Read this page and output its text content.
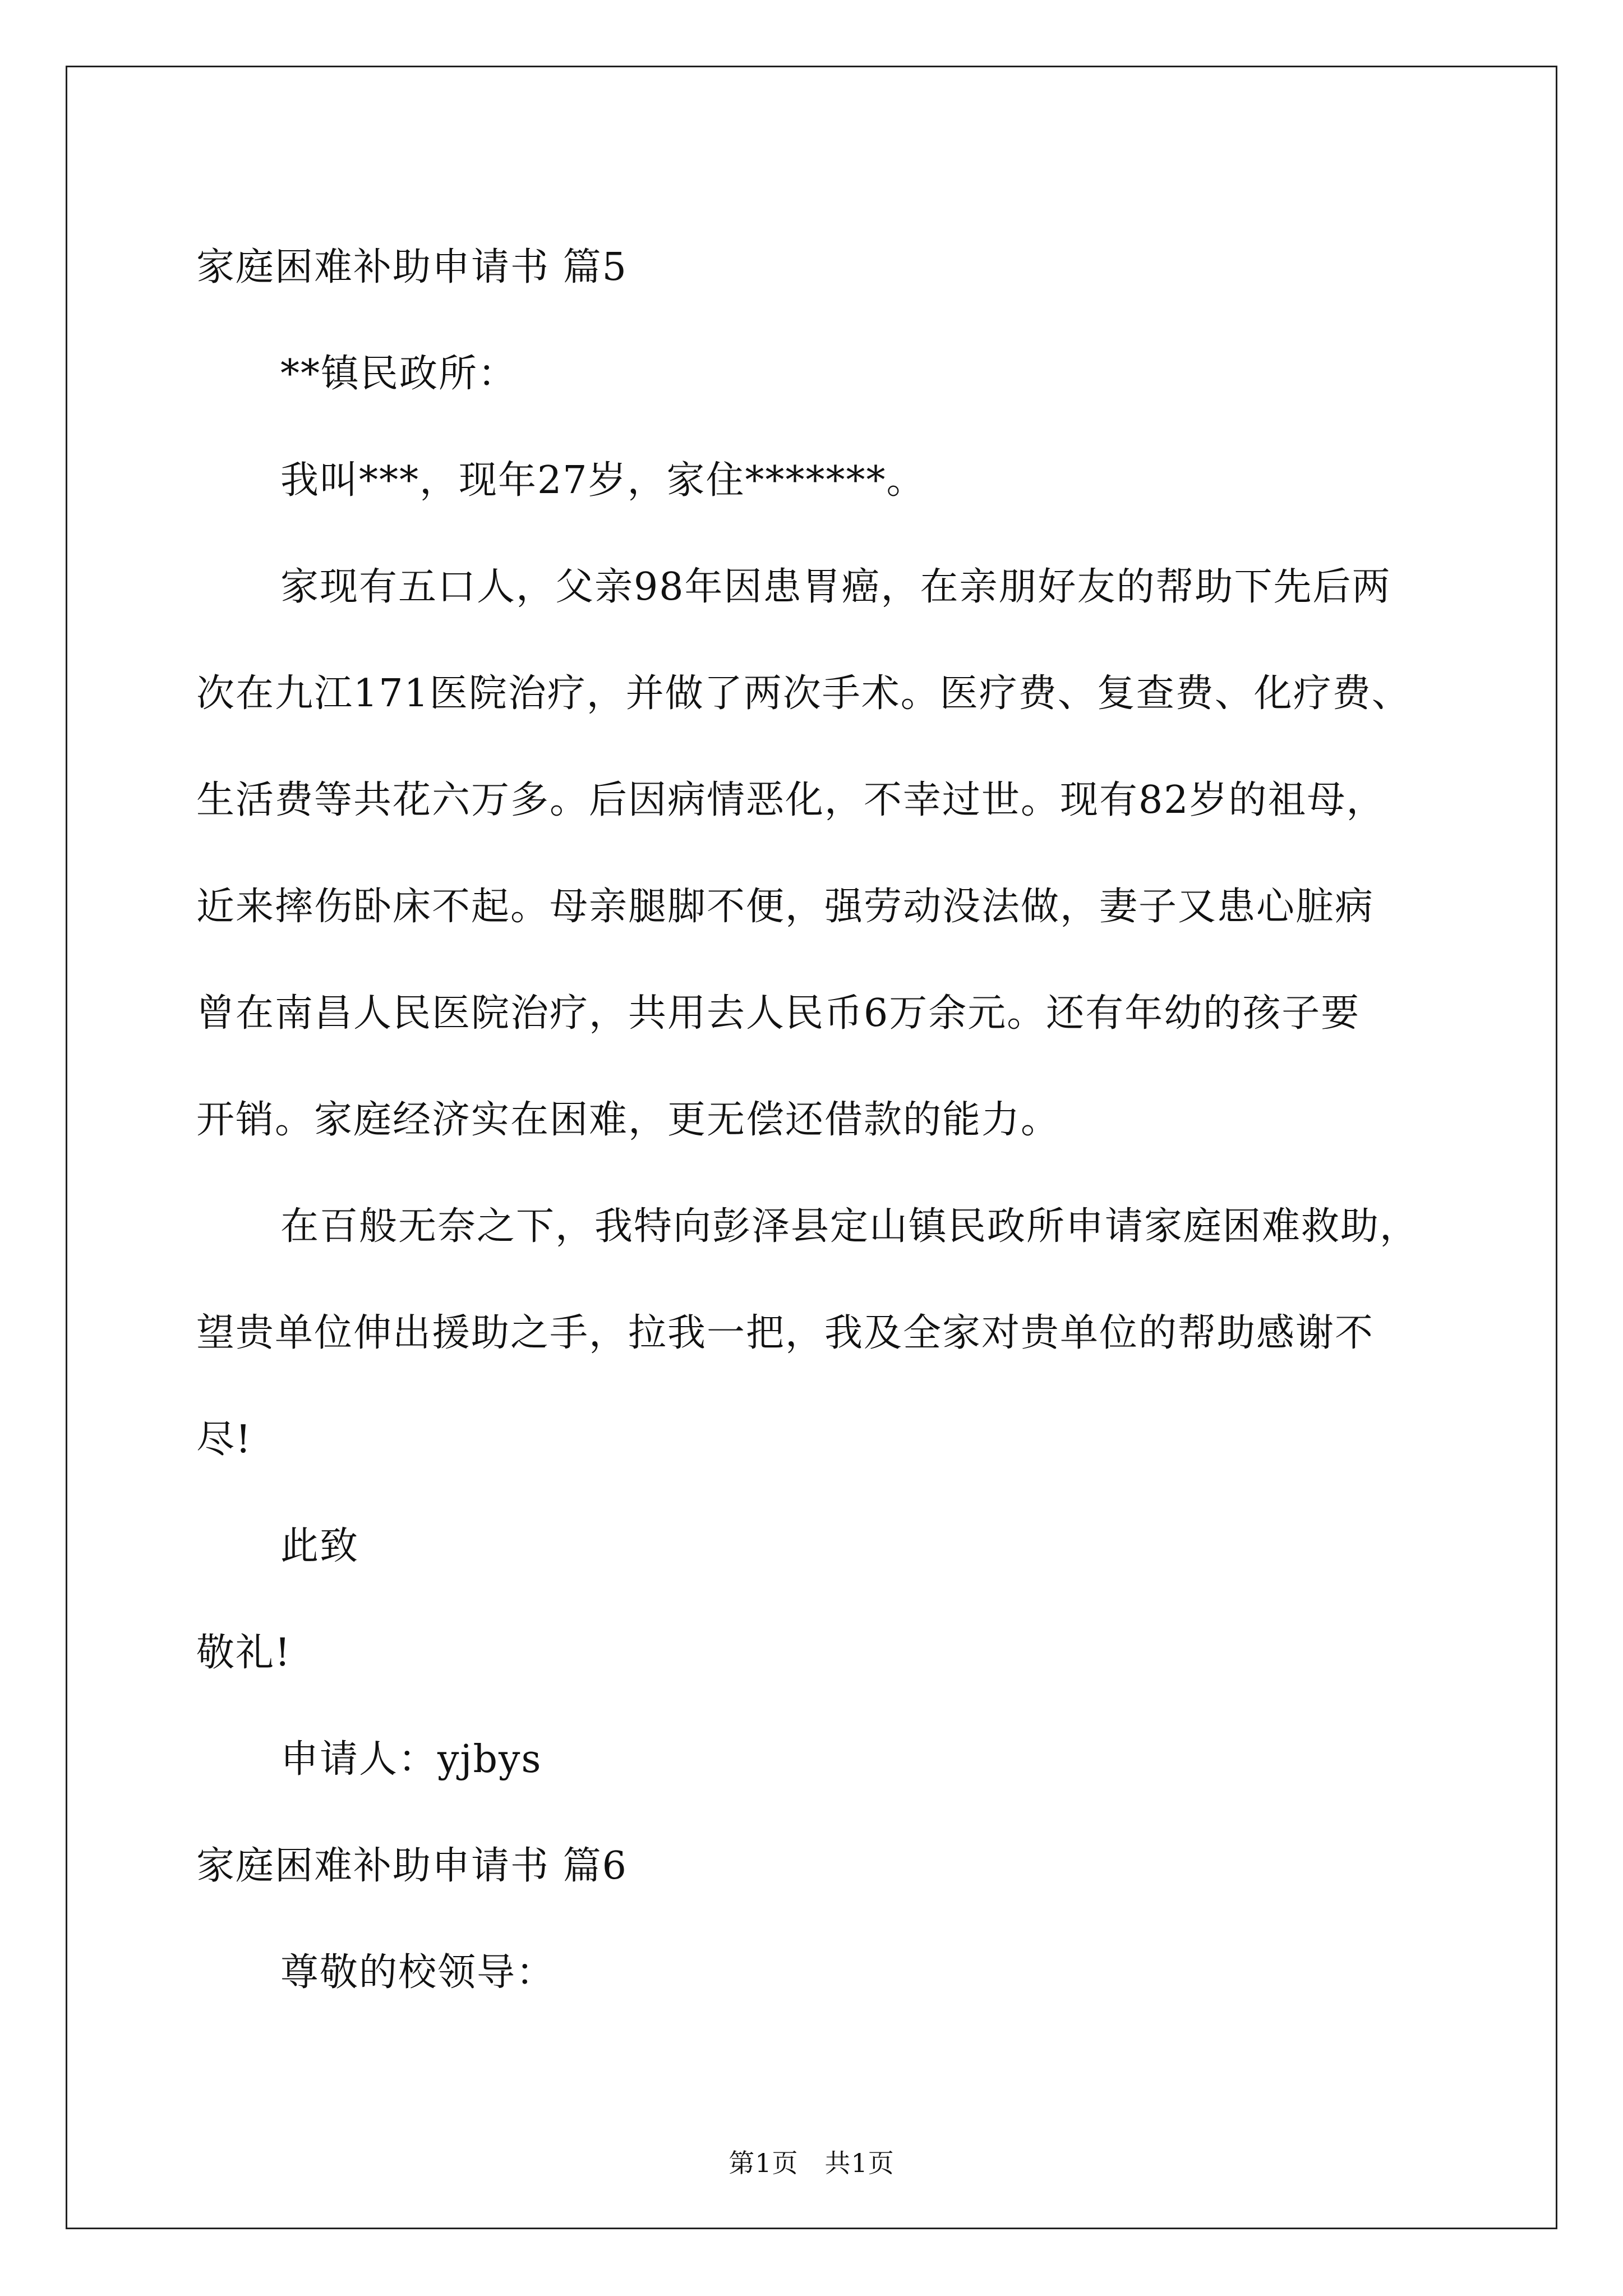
家庭困难补助申请书 篇5
**镇民政所：
我叫***，现年27岁，家住*******。
家现有五口人，父亲98年因患胃癌，在亲朋好友的帮助下先后两
次在九江171医院治疗，并做了两次手术。医疗费、复查费、化疗费、
生活费等共花六万多。后因病情恶化，不幸过世。现有82岁的祖母，
近来摔伤卧床不起。母亲腿脚不便，强劳动没法做，妻子又患心脏病
曾在南昌人民医院治疗，共用去人民币6万余元。还有年幼的孩子要
开销。家庭经济实在困难，更无偿还借款的能力。
在百般无奈之下，我特向彭泽县定山镇民政所申请家庭困难救助，
望贵单位伸出援助之手，拉我一把，我及全家对贵单位的帮助感谢不
尽!
此致
敬礼!
申请人：yjbys
家庭困难补助申请书 篇6
尊敬的校领导：
第1页　共1页
